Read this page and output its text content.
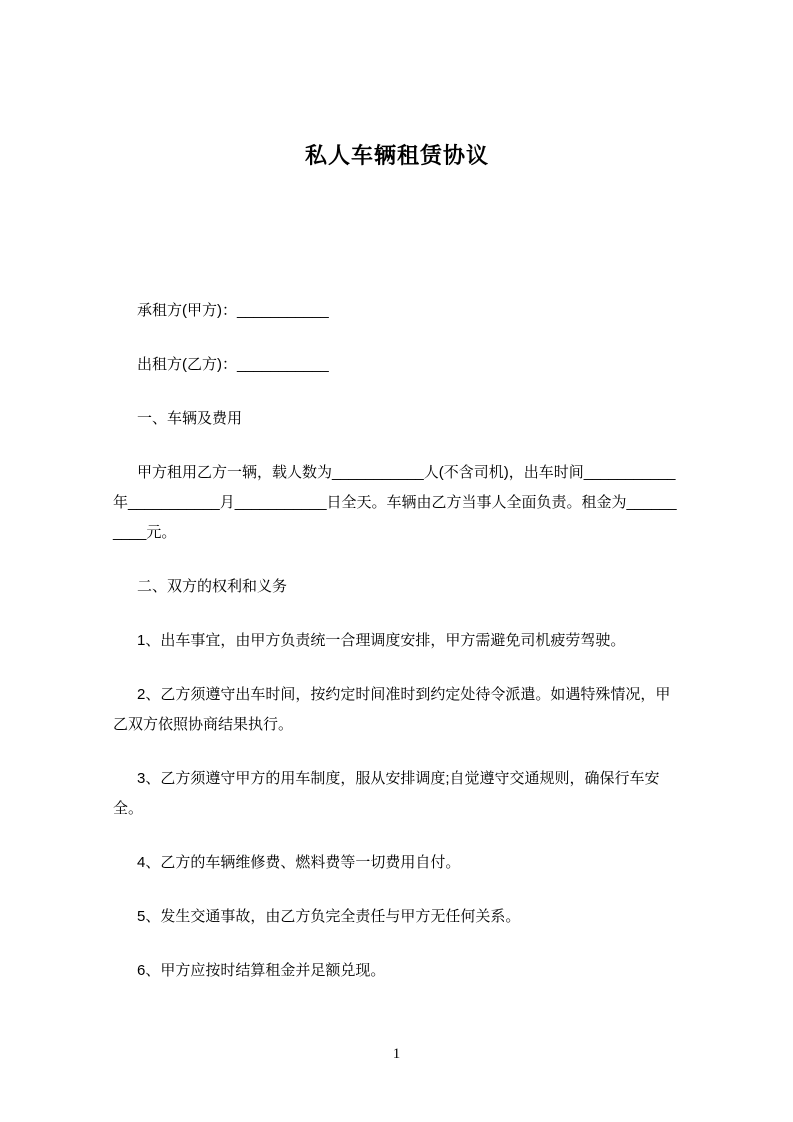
私人车辆租赁协议

承租方(甲方)：___________

出租方(乙方)：___________

一、车辆及费用

甲方租用乙方一辆，载人数为___________人(不含司机)，出车时间___________年___________月___________日全天。车辆由乙方当事人全面负责。租金为__________元。

二、双方的权利和义务

1、出车事宜，由甲方负责统一合理调度安排，甲方需避免司机疲劳驾驶。

2、乙方须遵守出车时间，按约定时间准时到约定处待令派遣。如遇特殊情况，甲乙双方依照协商结果执行。

3、乙方须遵守甲方的用车制度，服从安排调度;自觉遵守交通规则，确保行车安全。

4、乙方的车辆维修费、燃料费等一切费用自付。

5、发生交通事故，由乙方负完全责任与甲方无任何关系。

6、甲方应按时结算租金并足额兑现。

1
